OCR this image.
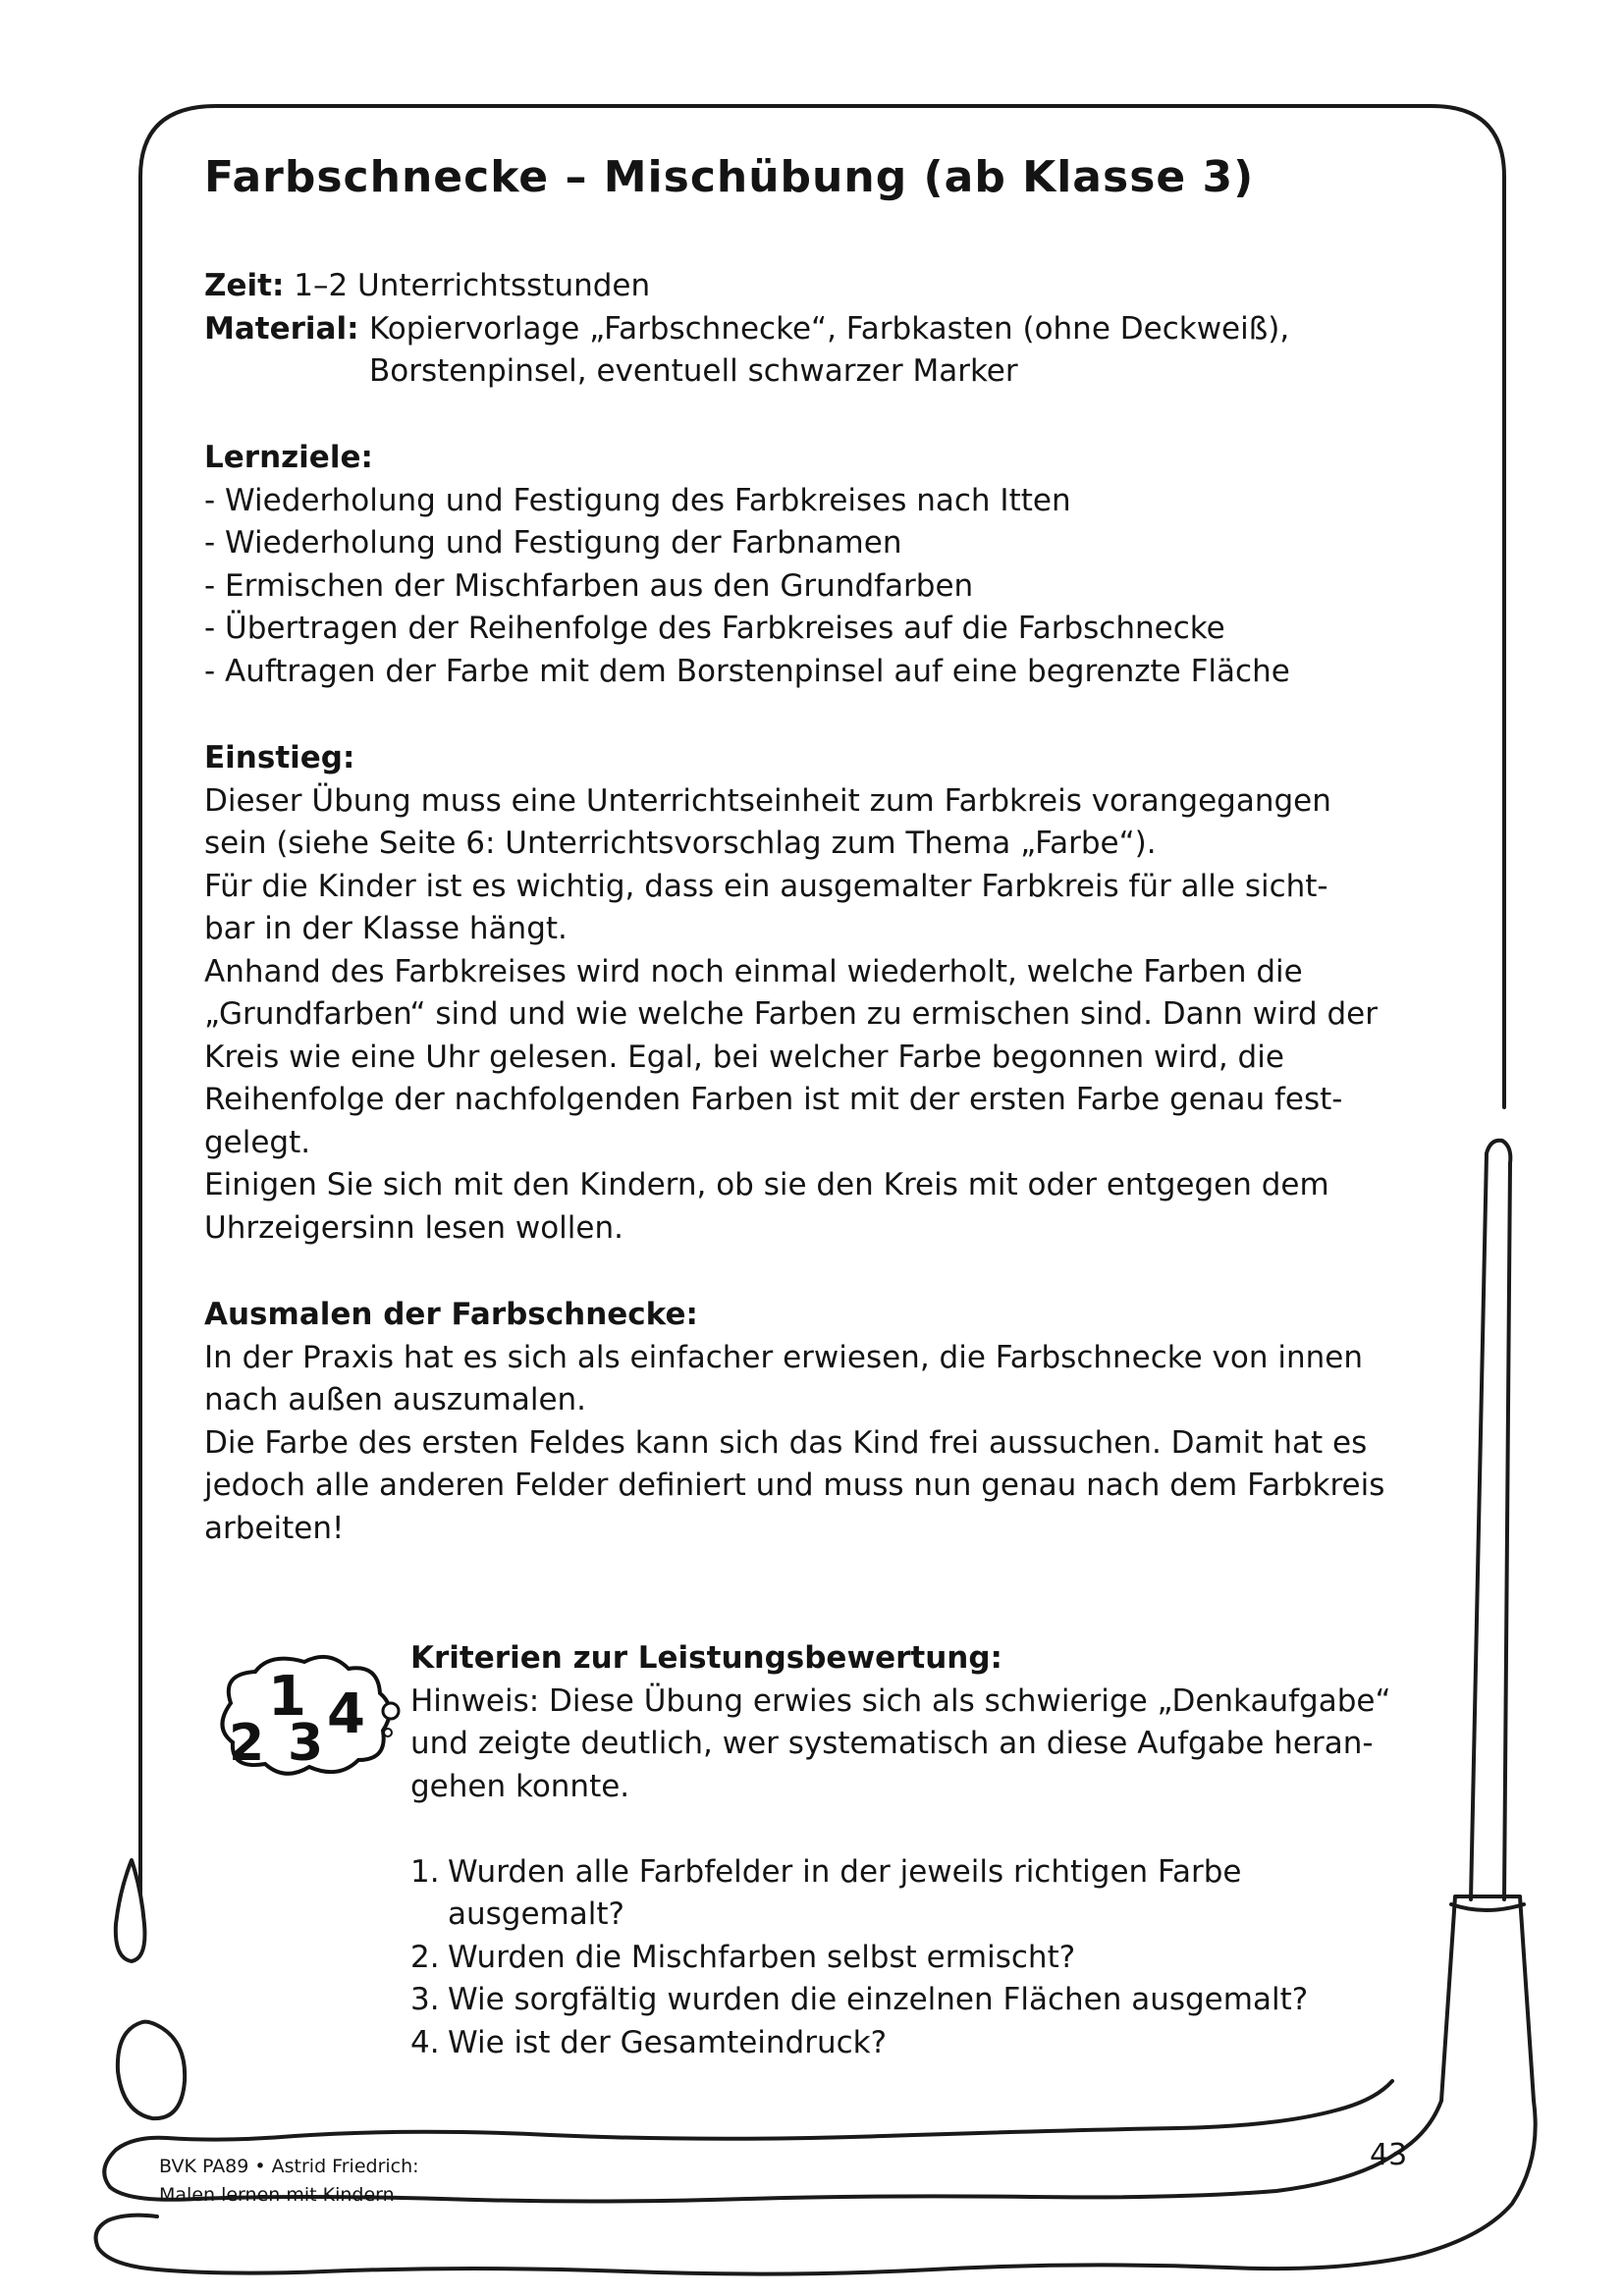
Farbschnecke – Mischübung (ab Klasse 3)
Zeit:
1–2 Unterrichtsstunden
Material: Kopiervorlage „Farbschnecke“, Farbkasten (ohne Deckweiß),
Borstenpinsel, eventuell schwarzer Marker
Lernziele:
- Wiederholung und Festigung des Farbkreises nach Itten
- Wiederholung und Festigung der Farbnamen
- Ermischen der Mischfarben aus den Grundfarben
- Übertragen der Reihenfolge des Farbkreises auf die Farbschnecke
- Auftragen der Farbe mit dem Borstenpinsel auf eine begrenzte Fläche
Einstieg:
Dieser Übung muss eine Unterrichtseinheit zum Farbkreis vorangegangen
sein (siehe Seite 6: Unterrichtsvorschlag zum Thema „Farbe“).
Für die Kinder ist es wichtig, dass ein ausgemalter Farbkreis für alle sicht-
bar in der Klasse hängt.
Anhand des Farbkreises wird noch einmal wiederholt, welche Farben die
„Grundfarben“ sind und wie welche Farben zu ermischen sind. Dann wird der
Kreis wie eine Uhr gelesen. Egal, bei welcher Farbe begonnen wird, die
Reihenfolge der nachfolgenden Farben ist mit der ersten Farbe genau fest-
gelegt.
Einigen Sie sich mit den Kindern, ob sie den Kreis mit oder entgegen dem
Uhrzeigersinn lesen wollen.
Ausmalen der Farbschnecke:
In der Praxis hat es sich als einfacher erwiesen, die Farbschnecke von innen
nach außen auszumalen.
Die Farbe des ersten Feldes kann sich das Kind frei aussuchen. Damit hat es
jedoch alle anderen Felder definiert und muss nun genau nach dem Farbkreis
arbeiten!
1
2 3 4
Kriterien zur Leistungsbewertung:
Hinweis: Diese Übung erwies sich als schwierige „Denkaufgabe“
und zeigte deutlich, wer systematisch an diese Aufgabe heran-
gehen konnte.
1. Wurden alle Farbfelder in der jeweils richtigen Farbe
ausgemalt?
2. Wurden die Mischfarben selbst ermischt?
3. Wie sorgfältig wurden die einzelnen Flächen ausgemalt?
4. Wie ist der Gesamteindruck?
BVK PA89 • Astrid Friedrich:
Malen lernen mit Kindern
43
